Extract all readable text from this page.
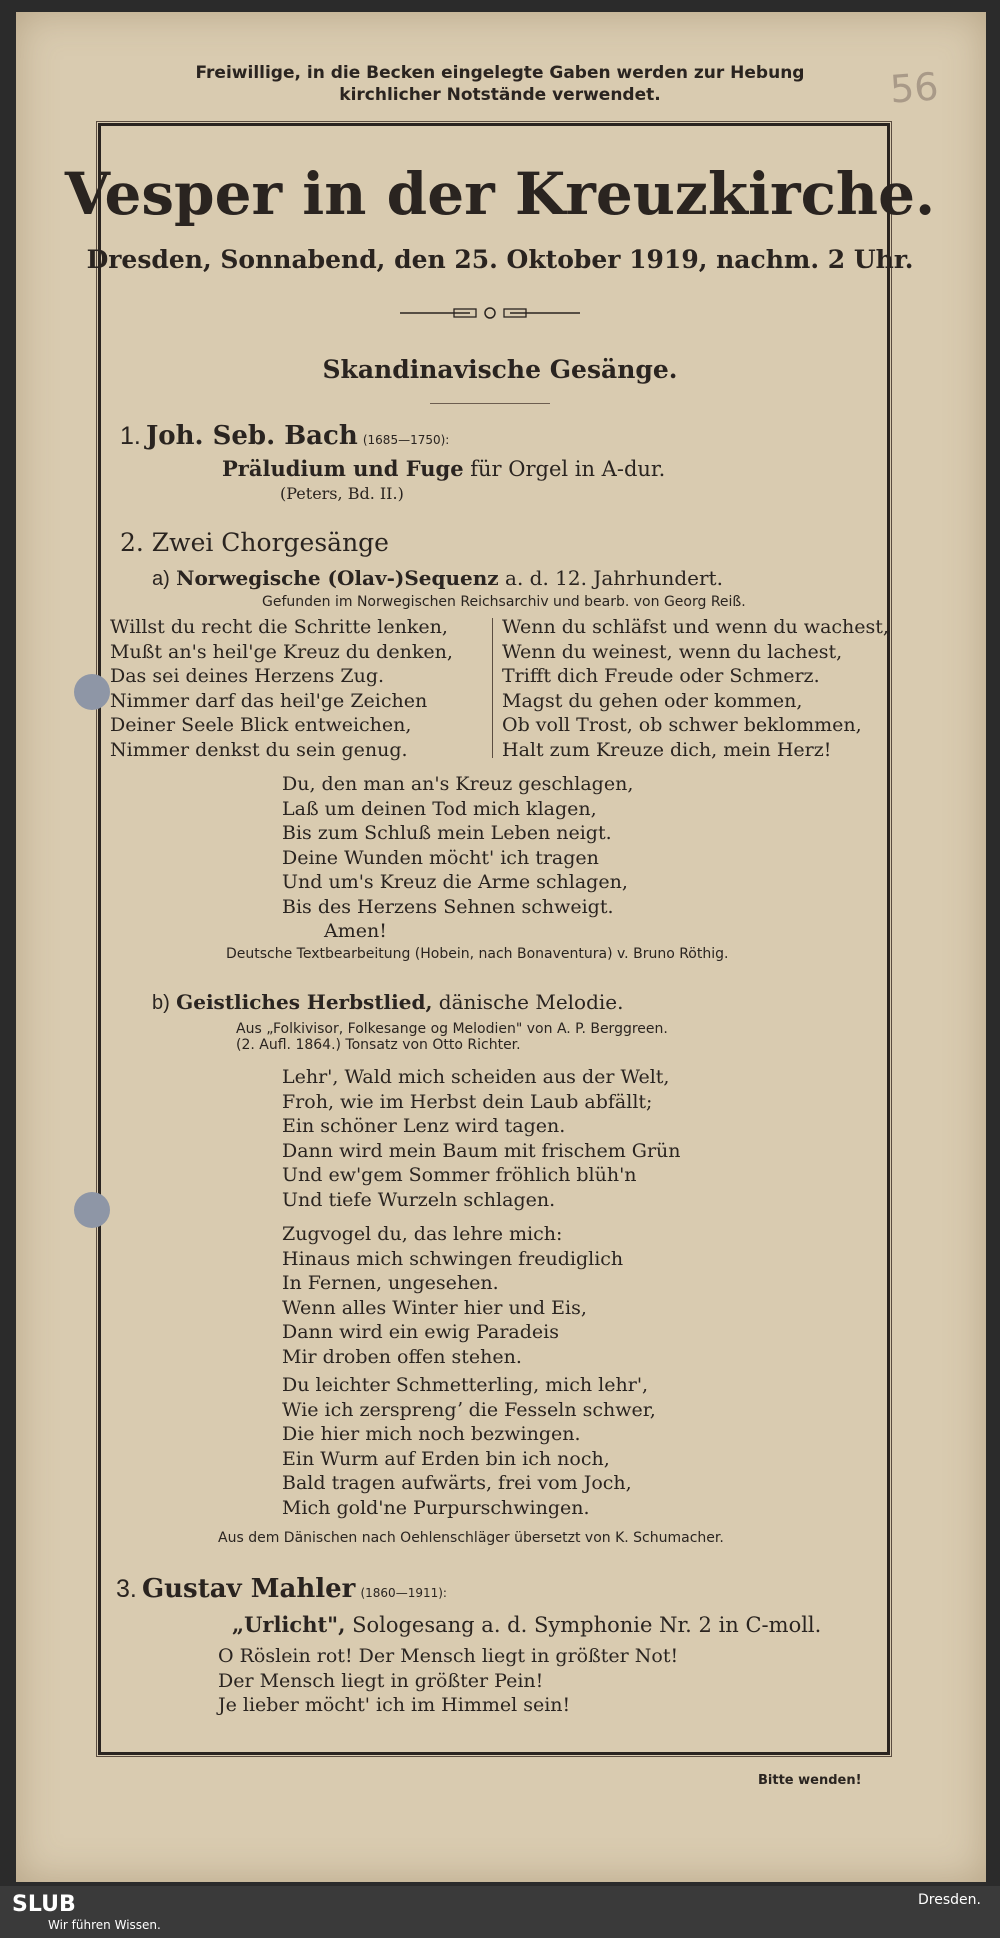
Freiwillige, in die Becken eingelegte Gaben werden zur Hebung
kirchlicher Notstände verwendet.	56
Vesper in der Kreuzkirche.
Dresden, Sonnabend, den 25. Oktober 1919, nachm. 2 Uhr.
Skandinavische Gesänge.
1. Joh. Seb. Bach (1685—1750):
Präludium und Fuge für Orgel in A-dur.
(Peters, Bd. II.)
2. Zwei Chorgesänge
a) Norwegische (Olav-)Sequenz a. d. 12. Jahrhundert.
Gefunden im Norwegischen Reichsarchiv und bearb. von Georg Reiß.
Willst du recht die Schritte lenken,
Mußt an's heil'ge Kreuz du denken,
Das sei deines Herzens Zug.
Nimmer darf das heil'ge Zeichen
Deiner Seele Blick entweichen,
Nimmer denkst du sein genug.
Wenn du schläfst und wenn du wachest,
Wenn du weinest, wenn du lachest,
Trifft dich Freude oder Schmerz.
Magst du gehen oder kommen,
Ob voll Trost, ob schwer beklommen,
Halt zum Kreuze dich, mein Herz!
Du, den man an's Kreuz geschlagen,
Laß um deinen Tod mich klagen,
Bis zum Schluß mein Leben neigt.
Deine Wunden möcht' ich tragen
Und um's Kreuz die Arme schlagen,
Bis des Herzens Sehnen schweigt.
Amen!
Deutsche Textbearbeitung (Hobein, nach Bonaventura) v. Bruno Röthig.
b) Geistliches Herbstlied, dänische Melodie.
Aus „Folkivisor, Folkesange og Melodien" von A. P. Berggreen.
(2. Aufl. 1864.) Tonsatz von Otto Richter.
Lehr', Wald mich scheiden aus der Welt,
Froh, wie im Herbst dein Laub abfällt;
Ein schöner Lenz wird tagen.
Dann wird mein Baum mit frischem Grün
Und ew'gem Sommer fröhlich blüh'n
Und tiefe Wurzeln schlagen.
Zugvogel du, das lehre mich:
Hinaus mich schwingen freudiglich
In Fernen, ungesehen.
Wenn alles Winter hier und Eis,
Dann wird ein ewig Paradeis
Mir droben offen stehen.
Du leichter Schmetterling, mich lehr',
Wie ich zersprengʼ die Fesseln schwer,
Die hier mich noch bezwingen.
Ein Wurm auf Erden bin ich noch,
Bald tragen aufwärts, frei vom Joch,
Mich gold'ne Purpurschwingen.
Aus dem Dänischen nach Oehlenschläger übersetzt von K. Schumacher.
3. Gustav Mahler (1860—1911):
„Urlicht", Sologesang a. d. Symphonie Nr. 2 in C-moll.
O Röslein rot! Der Mensch liegt in größter Not!
Der Mensch liegt in größter Pein!
Je lieber möcht' ich im Himmel sein!
Bitte wenden!
SLUB
Wir führen Wissen.
Dresden.
